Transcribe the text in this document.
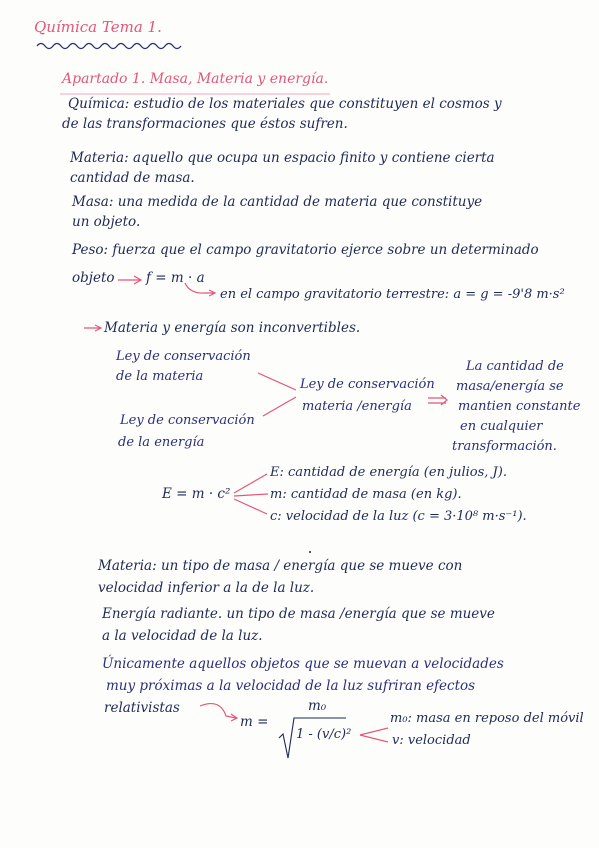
Química Tema 1.
Apartado 1. Masa, Materia y energía.
Química: estudio de los materiales que constituyen el cosmos y
de las transformaciones que éstos sufren.
Materia: aquello que ocupa un espacio finito y contiene cierta
cantidad de masa.
Masa: una medida de la cantidad de materia que constituye
un objeto.
Peso: fuerza que el campo gravitatorio ejerce sobre un determinado
objeto f = m · a
en el campo gravitatorio terrestre: a = g = -9'8 m·s²
Materia y energía son inconvertibles.
Ley de conservación
de la materia
Ley de conservación
de la energía
Ley de conservación
materia /energía
La cantidad de
masa/energía se
mantien constante
en cualquier
transformación.
E = m · c²
E: cantidad de energía (en julios, J).
m: cantidad de masa (en kg).
c: velocidad de la luz (c = 3·10⁸ m·s⁻¹).
Materia: un tipo de masa / energía que se mueve con
velocidad inferior a la de la luz.
Energía radiante. un tipo de masa /energía que se mueve
a la velocidad de la luz.
Únicamente aquellos objetos que se muevan a velocidades
muy próximas a la velocidad de la luz sufriran efectos
relativistas
m =
m₀
1 - (v/c)²
m₀: masa en reposo del móvil
v: velocidad
